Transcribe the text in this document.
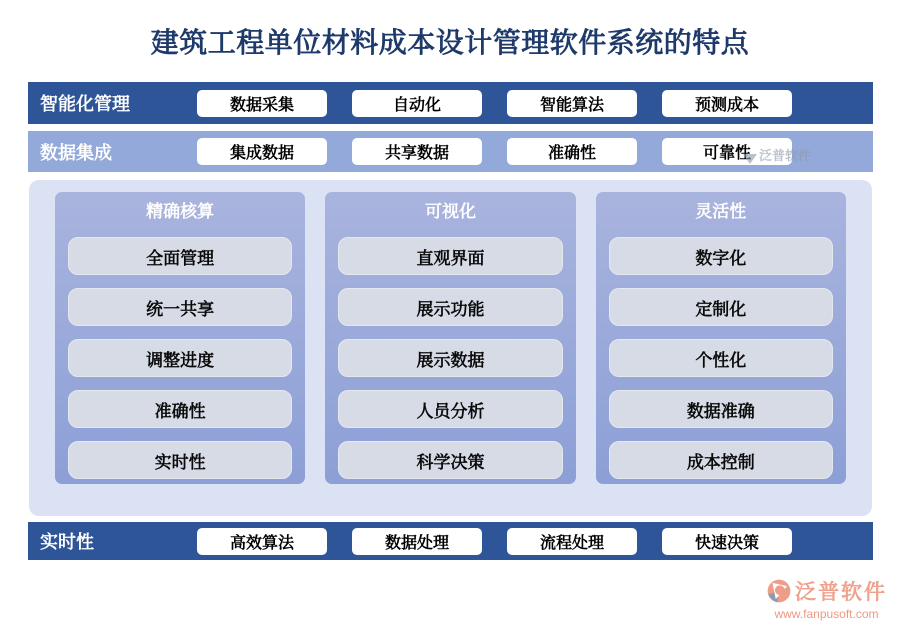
建筑工程单位材料成本设计管理软件系统的特点
智能化管理	数据采集	自动化	智能算法	预测成本
数据集成	集成数据	共享数据	准确性	可靠性 泛普软件
精确核算
全面管理
统一共享
调整进度
准确性
实时性
可视化
直观界面
展示功能
展示数据
人员分析
科学决策
灵活性
数字化
定制化
个性化
数据准确
成本控制
实时性	高效算法	数据处理	流程处理	快速决策
泛普软件
www.fanpusoft.com
